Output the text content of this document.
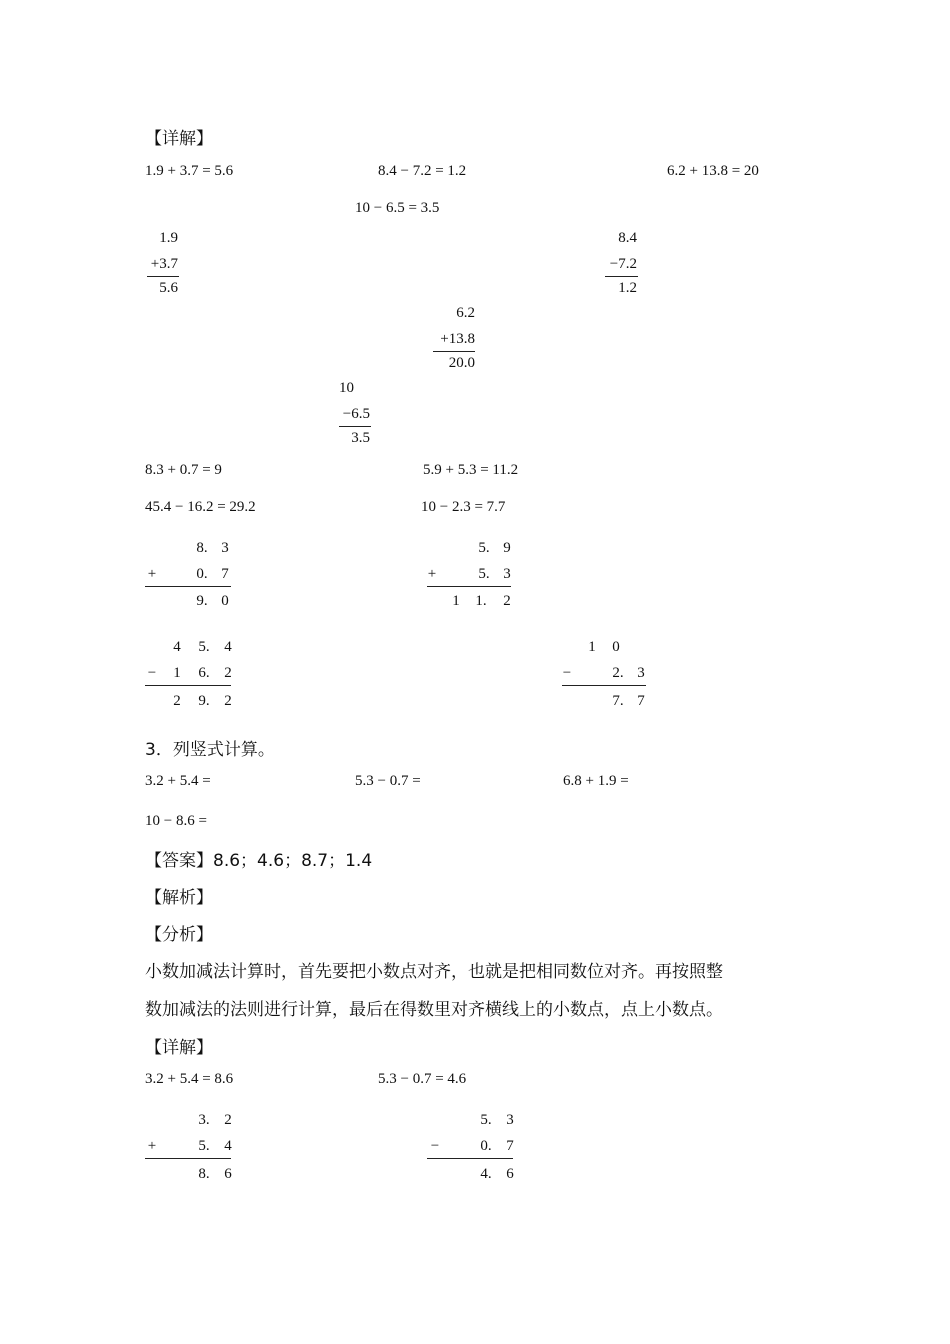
【详解】
1.9 + 3.7 = 5.6	8.4 − 7.2 = 1.2	6.2 + 13.8 = 20
10 − 6.5 = 3.5
1.9
+3.7
5.6
8.4
−7.2
1.2
6.2
+13.8
20.0
10
−6.5
3.5
8.3 + 0.7 = 9	5.9 + 5.3 = 11.2
45.4 − 16.2 = 29.2	10 − 2.3 = 7.7
8. 3
+	0. 7
9. 0
5. 9
+	5. 3
1 1. 2
4 5. 4
− 1 6. 2
2 9. 2
1 0
−	2. 3
7. 7
3．列竖式计算。
3.2 + 5.4 =	5.3 − 0.7 =	6.8 + 1.9 =
10 − 8.6 =
【答案】8.6；4.6；8.7；1.4
【解析】
【分析】
小数加减法计算时，首先要把小数点对齐，也就是把相同数位对齐。再按照整
数加减法的法则进行计算，最后在得数里对齐横线上的小数点，点上小数点。
【详解】
3.2 + 5.4 = 8.6	5.3 − 0.7 = 4.6
3. 2
+	5. 4
8. 6
5. 3
−	0. 7
4. 6
